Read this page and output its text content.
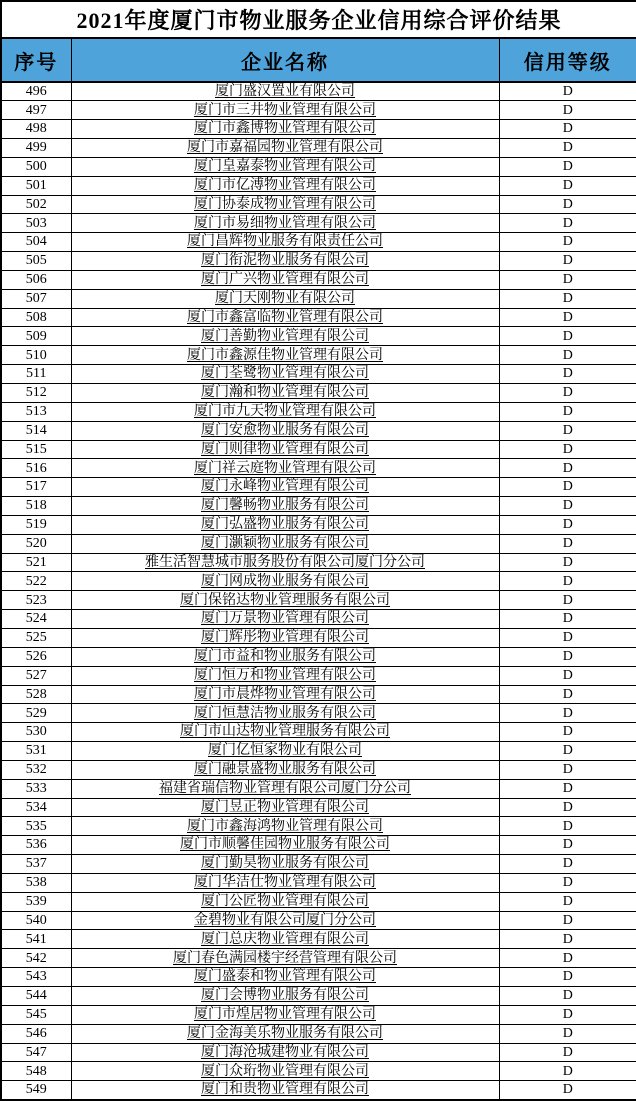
2021年度厦门市物业服务企业信用综合评价结果		
序号	企业名称	信用等级
496	厦门盛汉置业有限公司	D
497	厦门市三井物业管理有限公司	D
498	厦门市鑫博物业管理有限公司	D
499	厦门市嘉福园物业管理有限公司	D
500	厦门皇嘉泰物业管理有限公司	D
501	厦门市亿溥物业管理有限公司	D
502	厦门协泰成物业管理有限公司	D
503	厦门市易细物业管理有限公司	D
504	厦门昌辉物业服务有限责任公司	D
505	厦门衔泥物业服务有限公司	D
506	厦门广兴物业管理有限公司	D
507	厦门天刚物业有限公司	D
508	厦门市鑫富临物业管理有限公司	D
509	厦门善勤物业管理有限公司	D
510	厦门市鑫源佳物业管理有限公司	D
511	厦门荃鹭物业管理有限公司	D
512	厦门瀚和物业管理有限公司	D
513	厦门市九天物业管理有限公司	D
514	厦门安愈物业服务有限公司	D
515	厦门则律物业管理有限公司	D
516	厦门祥云庭物业管理有限公司	D
517	厦门永峰物业管理有限公司	D
518	厦门馨畅物业服务有限公司	D
519	厦门弘盛物业服务有限公司	D
520	厦门灏颖物业服务有限公司	D
521	雅生活智慧城市服务股份有限公司厦门分公司	D
522	厦门网成物业服务有限公司	D
523	厦门保铭达物业管理服务有限公司	D
524	厦门万景物业管理有限公司	D
525	厦门辉彤物业管理有限公司	D
526	厦门市益和物业服务有限公司	D
527	厦门恒万和物业管理有限公司	D
528	厦门市晨烨物业管理有限公司	D
529	厦门恒慧洁物业服务有限公司	D
530	厦门市山达物业管理服务有限公司	D
531	厦门亿恒家物业有限公司	D
532	厦门融景盛物业服务有限公司	D
533	福建省瑞信物业管理有限公司厦门分公司	D
534	厦门昱正物业管理有限公司	D
535	厦门市鑫海鸿物业管理有限公司	D
536	厦门市顺馨佳园物业服务有限公司	D
537	厦门勤昊物业服务有限公司	D
538	厦门华洁仕物业管理有限公司	D
539	厦门公匠物业管理有限公司	D
540	金碧物业有限公司厦门分公司	D
541	厦门总庆物业管理有限公司	D
542	厦门春色满园楼宇经营管理有限公司	D
543	厦门盛泰和物业管理有限公司	D
544	厦门会博物业服务有限公司	D
545	厦门市煌居物业管理有限公司	D
546	厦门金海美乐物业服务有限公司	D
547	厦门海沧城建物业有限公司	D
548	厦门众珩物业管理有限公司	D
549	厦门和贵物业管理有限公司	D
